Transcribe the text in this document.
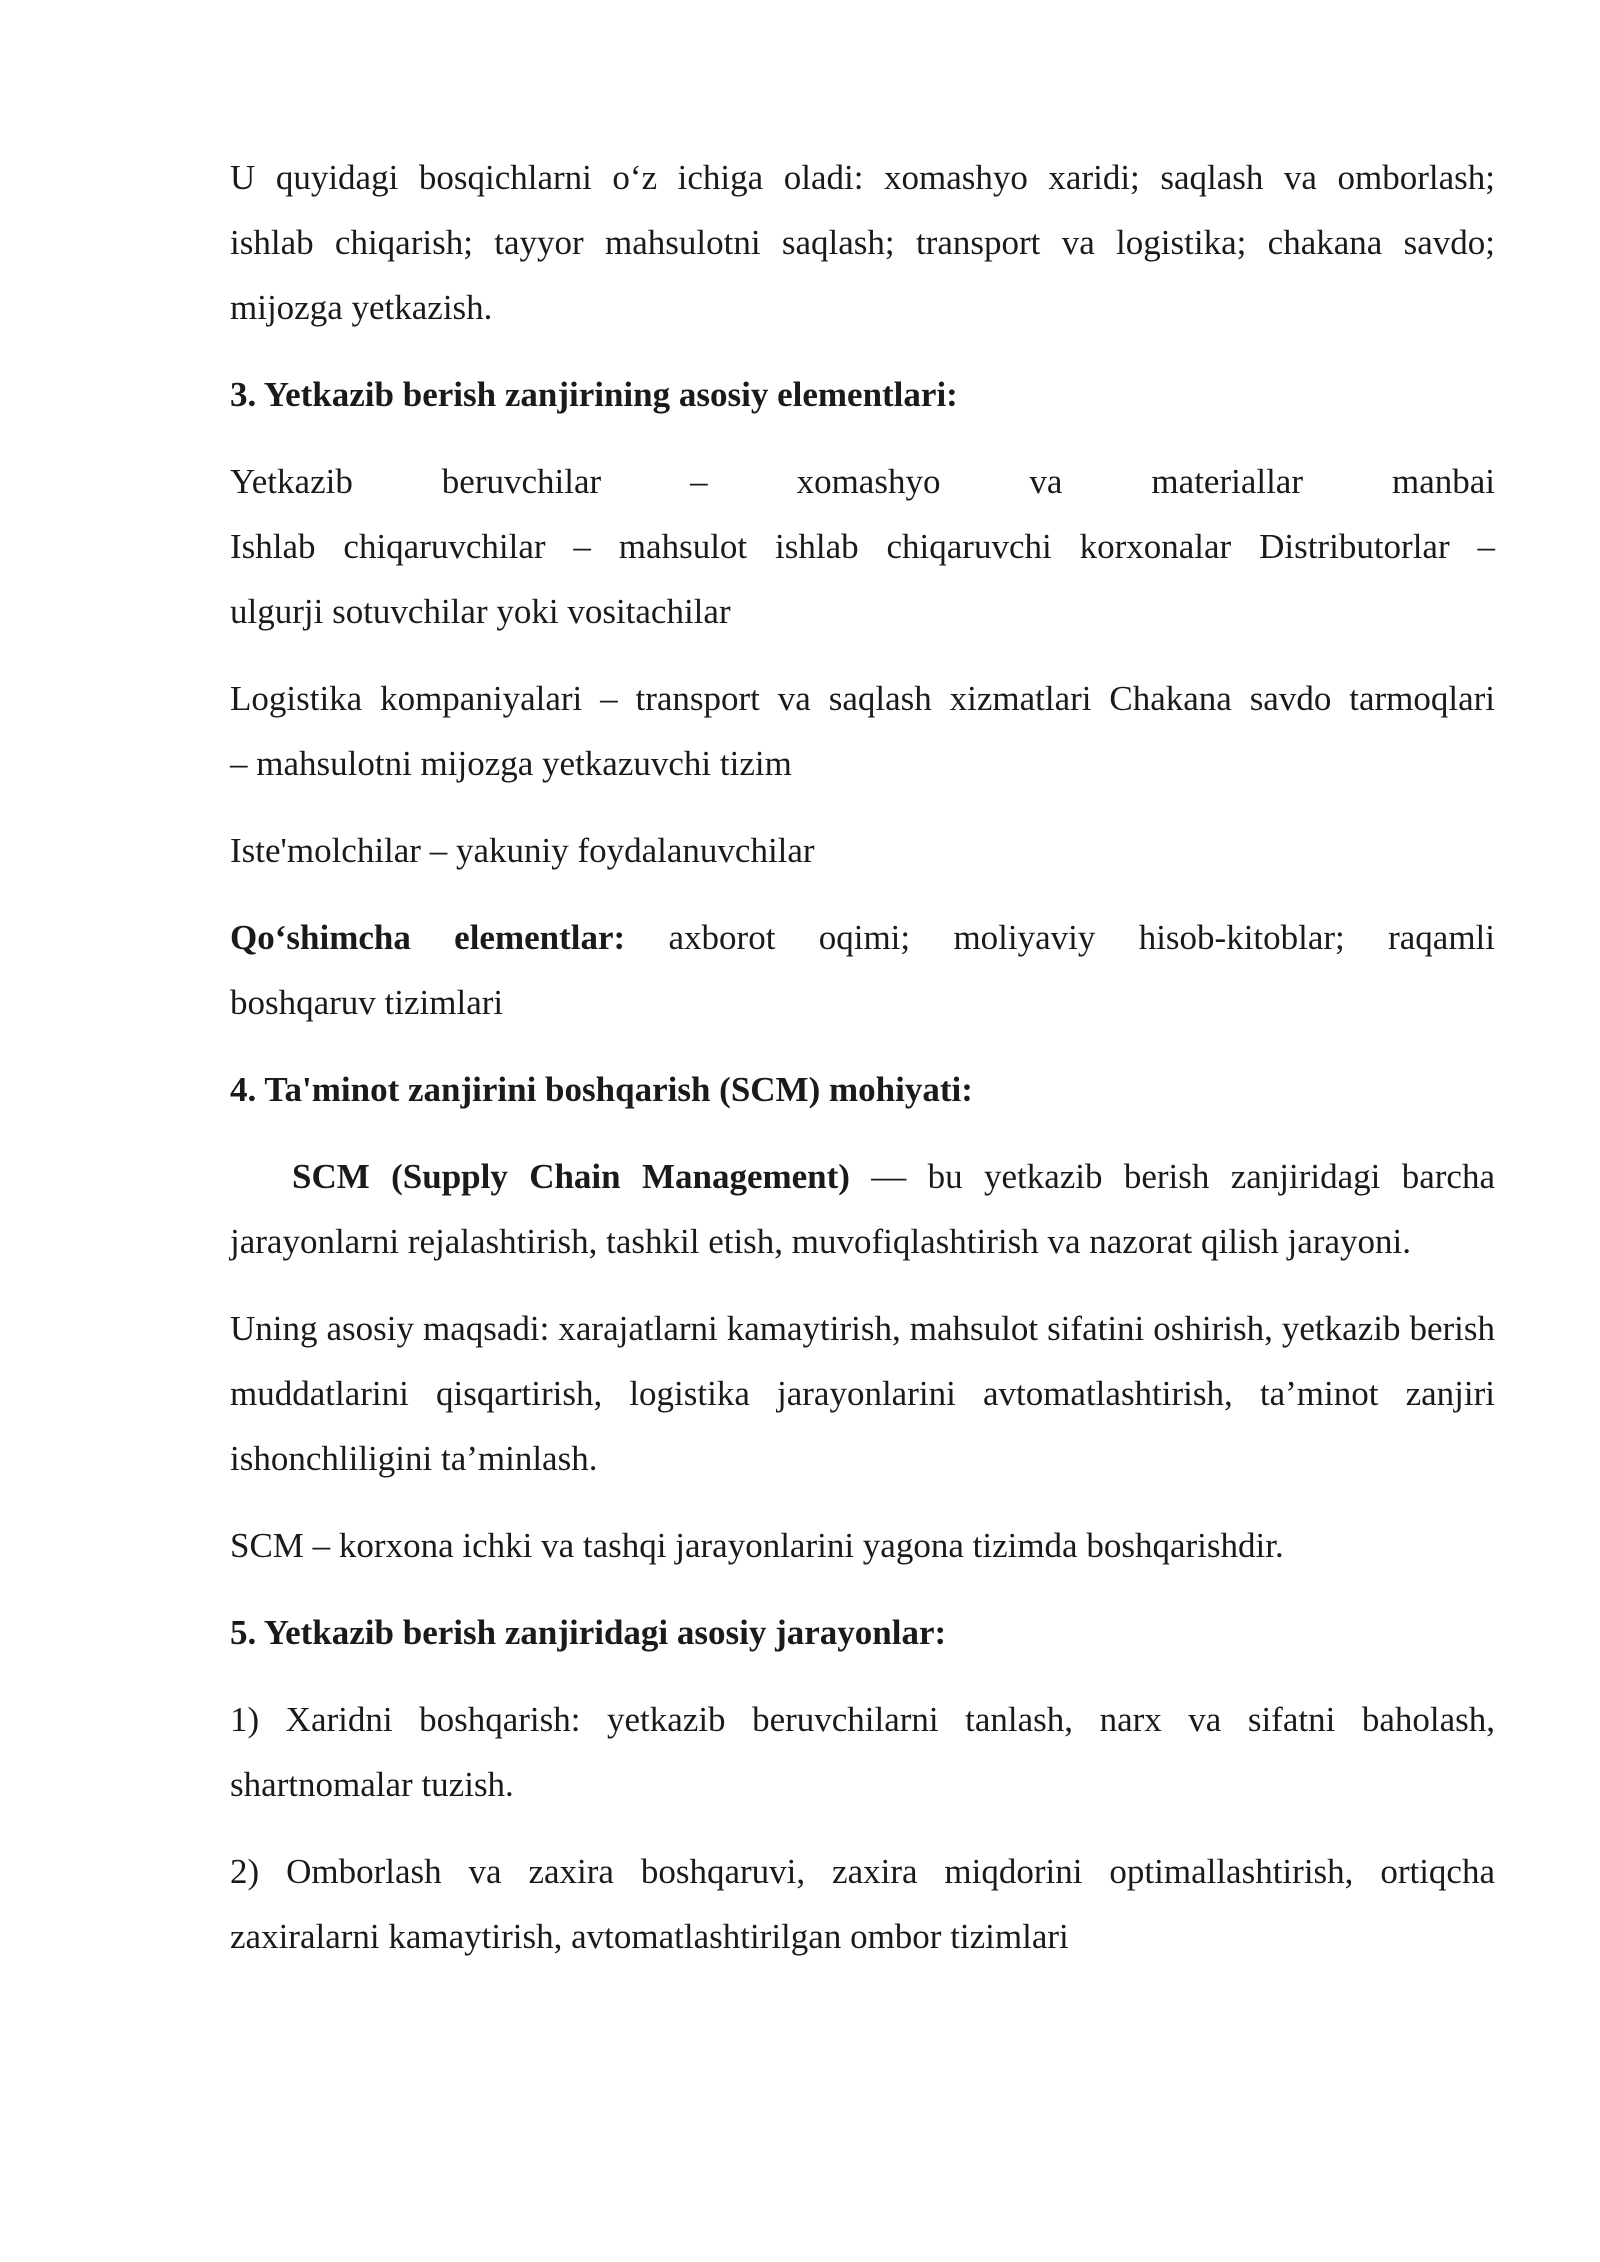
U quyidagi bosqichlarni o‘z ichiga oladi: xomashyo xaridi; saqlash va omborlash;
ishlab chiqarish; tayyor mahsulotni saqlash; transport va logistika; chakana savdo;
mijozga yetkazish.
3. Yetkazib berish zanjirining asosiy elementlari:
Yetkazib beruvchilar – xomashyo va materiallar manbai
Ishlab chiqaruvchilar – mahsulot ishlab chiqaruvchi korxonalar Distributorlar –
ulgurji sotuvchilar yoki vositachilar
Logistika kompaniyalari – transport va saqlash xizmatlari Chakana savdo tarmoqlari
– mahsulotni mijozga yetkazuvchi tizim
Iste'molchilar – yakuniy foydalanuvchilar
Qo‘shimcha elementlar: axborot oqimi; moliyaviy hisob-kitoblar; raqamli
boshqaruv tizimlari
4. Ta'minot zanjirini boshqarish (SCM) mohiyati:
SCM (Supply Chain Management) — bu yetkazib berish zanjiridagi barcha jarayonlarni rejalashtirish, tashkil etish, muvofiqlashtirish va nazorat qilish jarayoni.
Uning asosiy maqsadi: xarajatlarni kamaytirish, mahsulot sifatini oshirish, yetkazib berish muddatlarini qisqartirish, logistika jarayonlarini avtomatlashtirish, ta’minot zanjiri ishonchliligini ta’minlash.
SCM – korxona ichki va tashqi jarayonlarini yagona tizimda boshqarishdir.
5. Yetkazib berish zanjiridagi asosiy jarayonlar:
1) Xaridni boshqarish: yetkazib beruvchilarni tanlash, narx va sifatni baholash, shartnomalar tuzish.
2) Omborlash va zaxira boshqaruvi, zaxira miqdorini optimallashtirish, ortiqcha zaxiralarni kamaytirish, avtomatlashtirilgan ombor tizimlari
